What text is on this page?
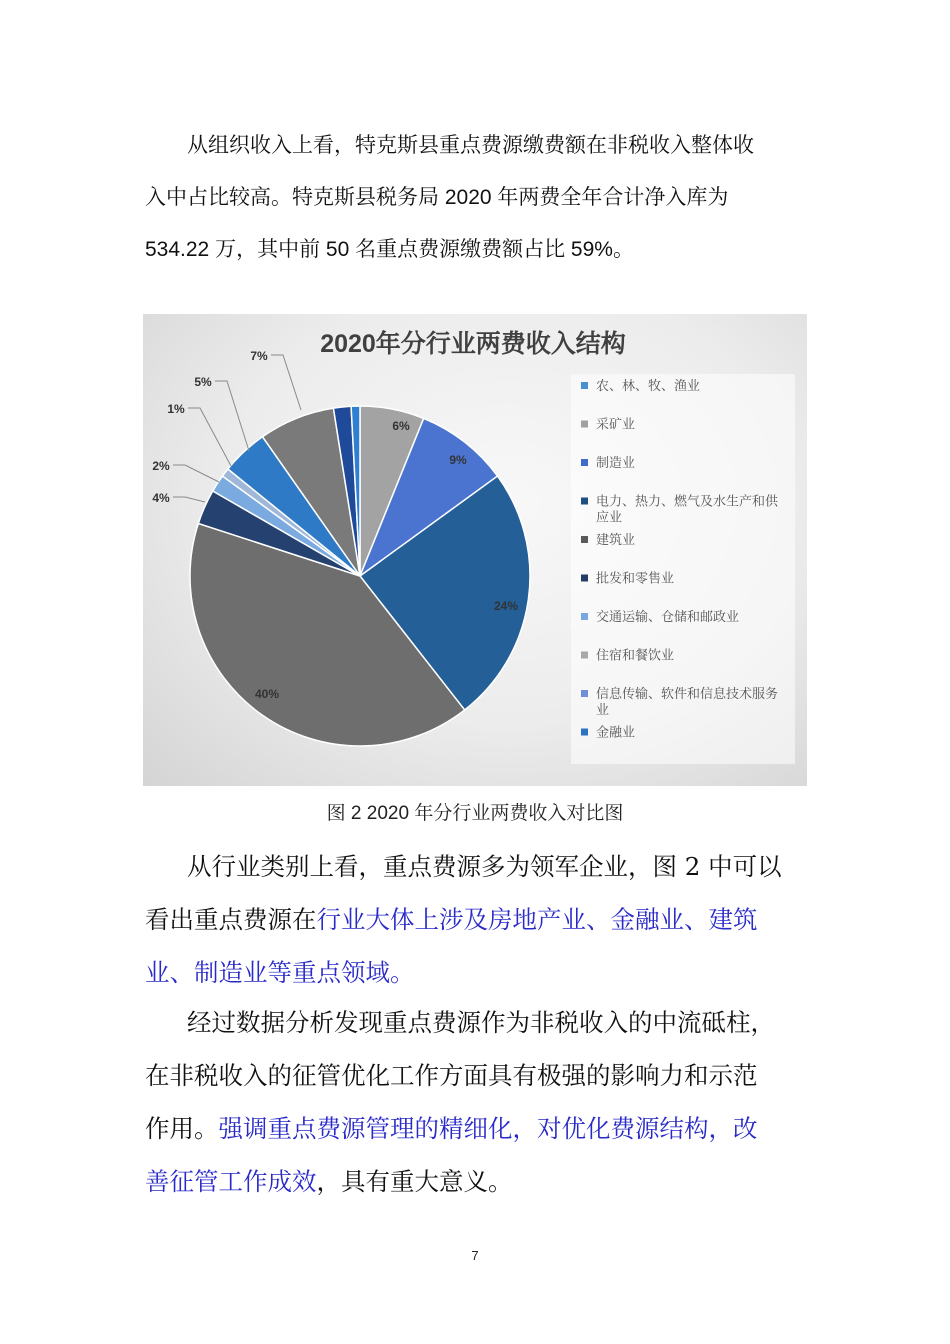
从组织收入上看，特克斯县重点费源缴费额在非税收入整体收
入中占比较高。特克斯县税务局 2020 年两费全年合计净入库为
534.22 万，其中前 50 名重点费源缴费额占比 59%。
2020年分行业两费收入结构
6%
9%
24%
40%
7%
5%
1%
2%
4%
农、林、牧、渔业
采矿业
制造业
电力、热力、燃气及水生产和供
应业
建筑业
批发和零售业
交通运输、仓储和邮政业
住宿和餐饮业
信息传输、软件和信息技术服务
业
金融业
图 2 2020 年分行业两费收入对比图
从行业类别上看，重点费源多为领军企业，图 2 中可以
看出重点费源在行业大体上涉及房地产业、金融业、建筑
业、制造业等重点领域。
经过数据分析发现重点费源作为非税收入的中流砥柱，
在非税收入的征管优化工作方面具有极强的影响力和示范
作用。强调重点费源管理的精细化，对优化费源结构，改
善征管工作成效，具有重大意义。
7
